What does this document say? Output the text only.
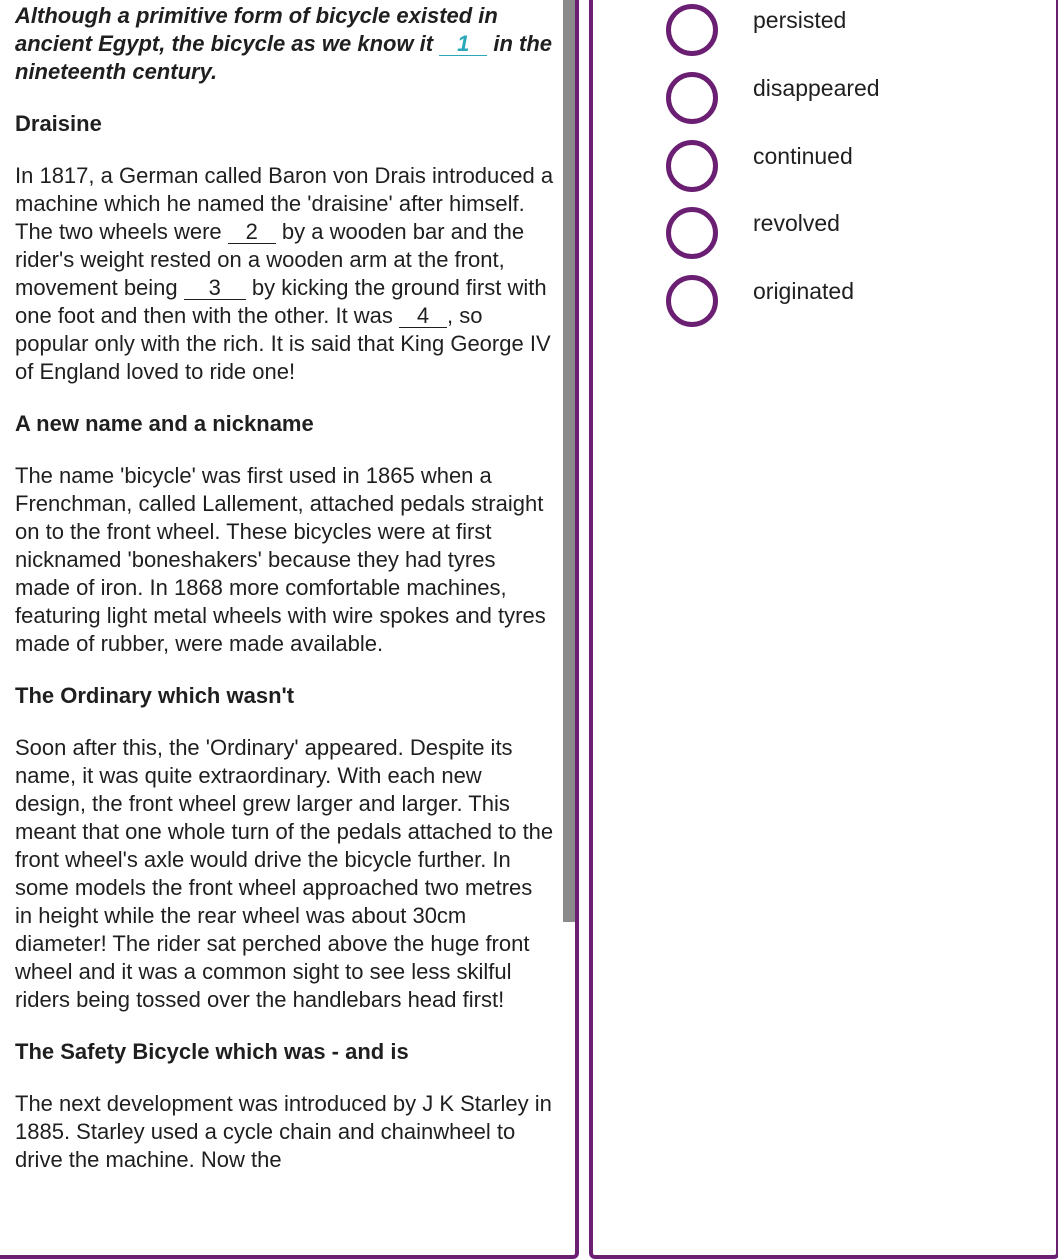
Although a primitive form of bicycle existed in ancient Egypt, the bicycle as we know it 1 in the nineteenth century.

Draisine

In 1817, a German called Baron von Drais introduced a machine which he named the 'draisine' after himself. The two wheels were 2 by a wooden bar and the rider's weight rested on a wooden arm at the front, movement being 3 by kicking the ground first with one foot and then with the other. It was 4 , so popular only with the rich. It is said that King George IV of England loved to ride one!

A new name and a nickname

The name 'bicycle' was first used in 1865 when a Frenchman, called Lallement, attached pedals straight on to the front wheel. These bicycles were at first nicknamed 'boneshakers' because they had tyres made of iron. In 1868 more comfortable machines, featuring light metal wheels with wire spokes and tyres made of rubber, were made available.

The Ordinary which wasn't

Soon after this, the 'Ordinary' appeared. Despite its name, it was quite extraordinary. With each new design, the front wheel grew larger and larger. This meant that one whole turn of the pedals attached to the front wheel's axle would drive the bicycle further. In some models the front wheel approached two metres in height while the rear wheel was about 30cm diameter! The rider sat perched above the huge front wheel and it was a common sight to see less skilful riders being tossed over the handlebars head first!

The Safety Bicycle which was - and is

The next development was introduced by J K Starley in 1885. Starley used a cycle chain and chainwheel to drive the machine. Now the

persisted
disappeared
continued
revolved
originated
